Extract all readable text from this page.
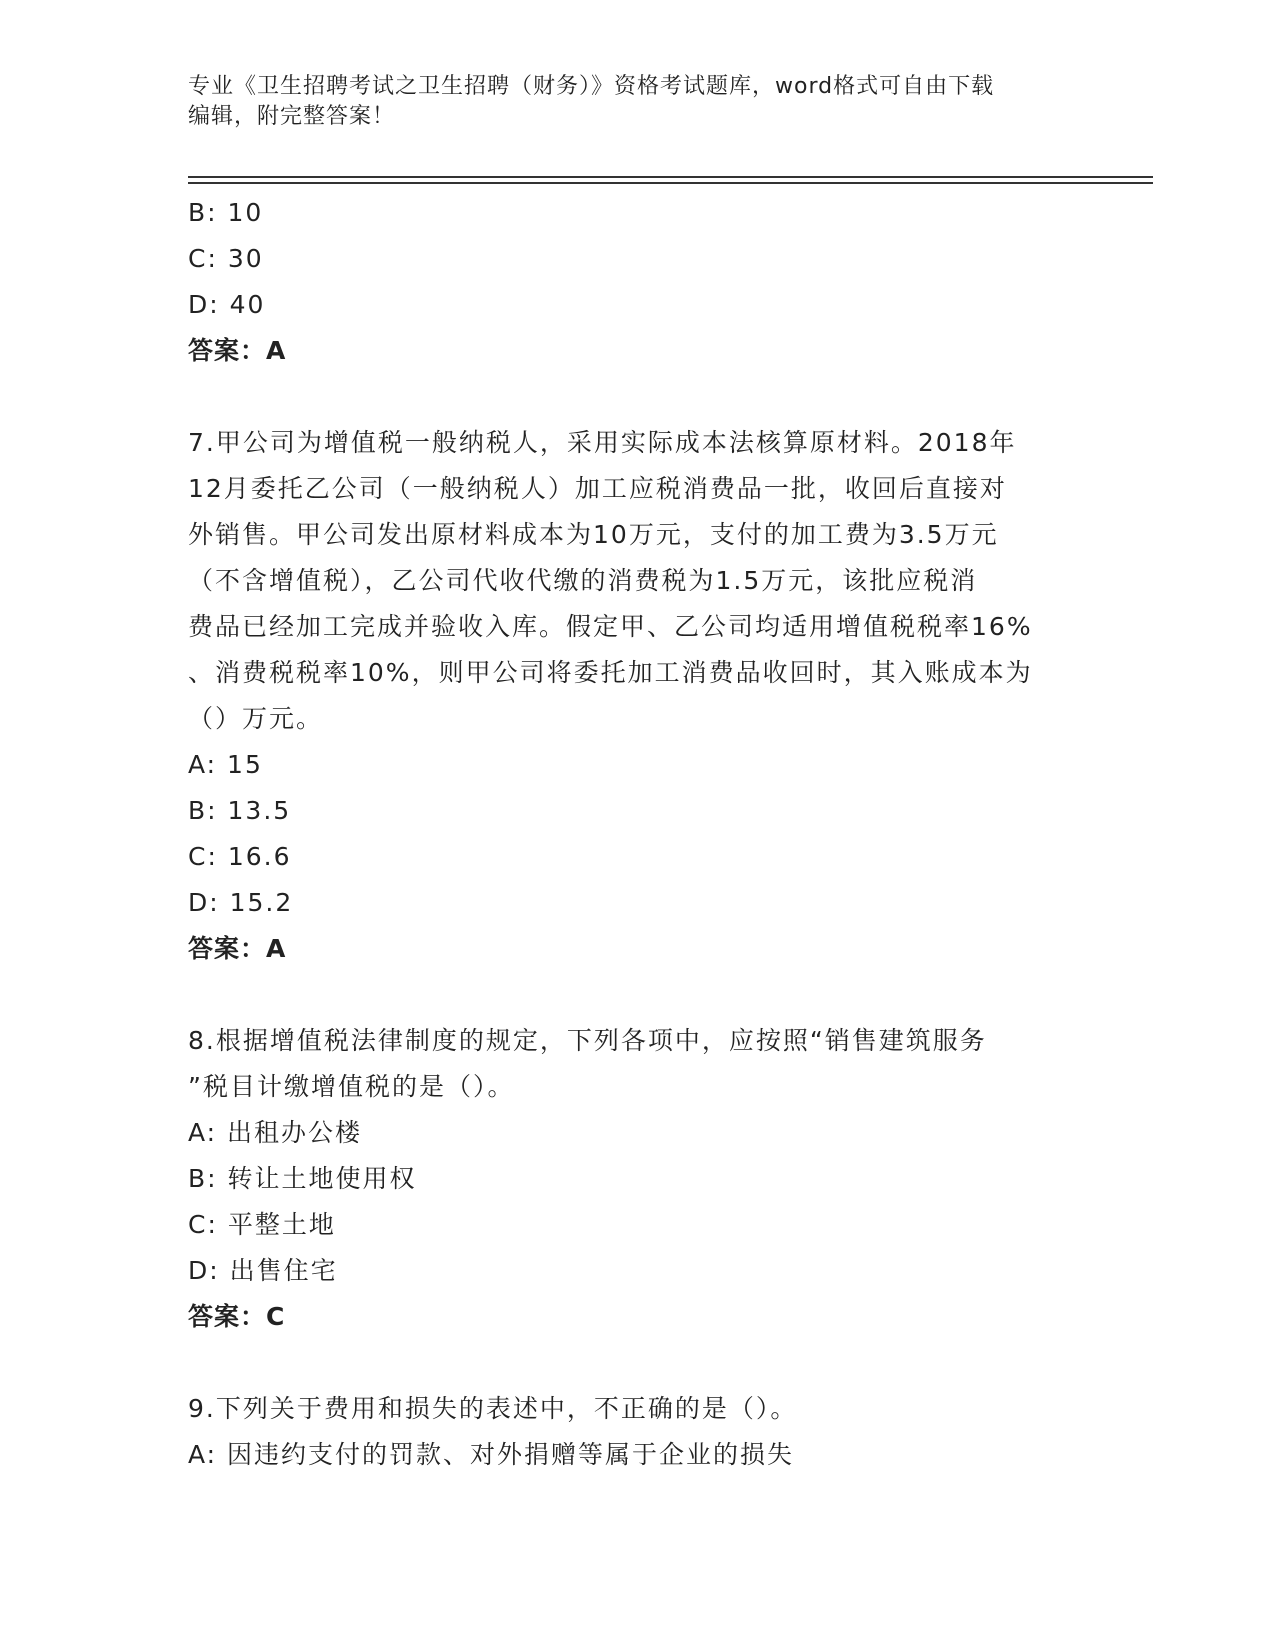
专业《卫生招聘考试之卫生招聘（财务）》资格考试题库，word格式可自由下载
编辑，附完整答案！
B: 10
C: 30
D: 40
答案：A
7.甲公司为增值税一般纳税人，采用实际成本法核算原材料。2018年
12月委托乙公司（一般纳税人）加工应税消费品一批，收回后直接对
外销售。甲公司发出原材料成本为10万元，支付的加工费为3.5万元
（不含增值税），乙公司代收代缴的消费税为1.5万元，该批应税消
费品已经加工完成并验收入库。假定甲、乙公司均适用增值税税率16%
、消费税税率10%，则甲公司将委托加工消费品收回时，其入账成本为
（）万元。
A: 15
B: 13.5
C: 16.6
D: 15.2
答案：A
8.根据增值税法律制度的规定，下列各项中，应按照“销售建筑服务
”税目计缴增值税的是（）。
A: 出租办公楼
B: 转让土地使用权
C: 平整土地
D: 出售住宅
答案：C
9.下列关于费用和损失的表述中，不正确的是（）。
A: 因违约支付的罚款、对外捐赠等属于企业的损失
